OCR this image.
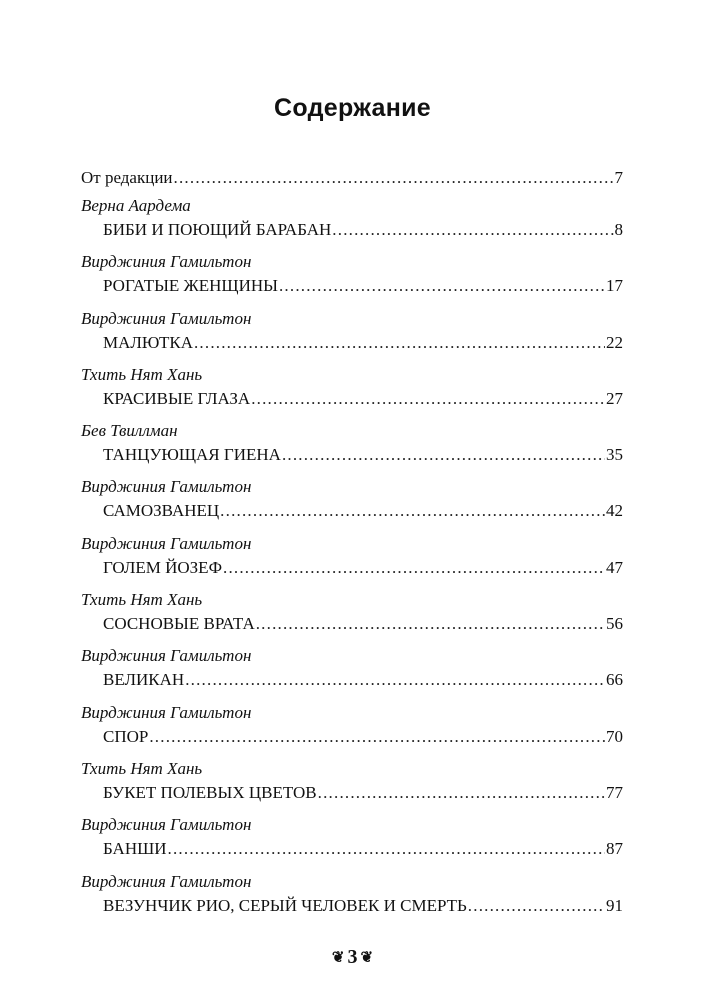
Содержание
От редакции .....	7
Верна Аардема
БИБИ И ПОЮЩИЙ БАРАБАН .....	8
Вирджиния Гамильтон
РОГАТЫЕ ЖЕНЩИНЫ .....	17
Вирджиния Гамильтон
МАЛЮТКА .....	22
Тхить Нят Хань
КРАСИВЫЕ ГЛАЗА .....	27
Бев Твиллман
ТАНЦУЮЩАЯ ГИЕНА .....	35
Вирджиния Гамильтон
САМОЗВАНЕЦ .....	42
Вирджиния Гамильтон
ГОЛЕМ ЙОЗЕФ .....	47
Тхить Нят Хань
СОСНОВЫЕ ВРАТА .....	56
Вирджиния Гамильтон
ВЕЛИКАН .....	66
Вирджиния Гамильтон
СПОР .....	70
Тхить Нят Хань
БУКЕТ ПОЛЕВЫХ ЦВЕТОВ .....	77
Вирджиния Гамильтон
БАНШИ .....	87
Вирджиния Гамильтон
ВЕЗУНЧИК РИО, СЕРЫЙ ЧЕЛОВЕК И СМЕРТЬ .....	91
❦ 3 ❦
